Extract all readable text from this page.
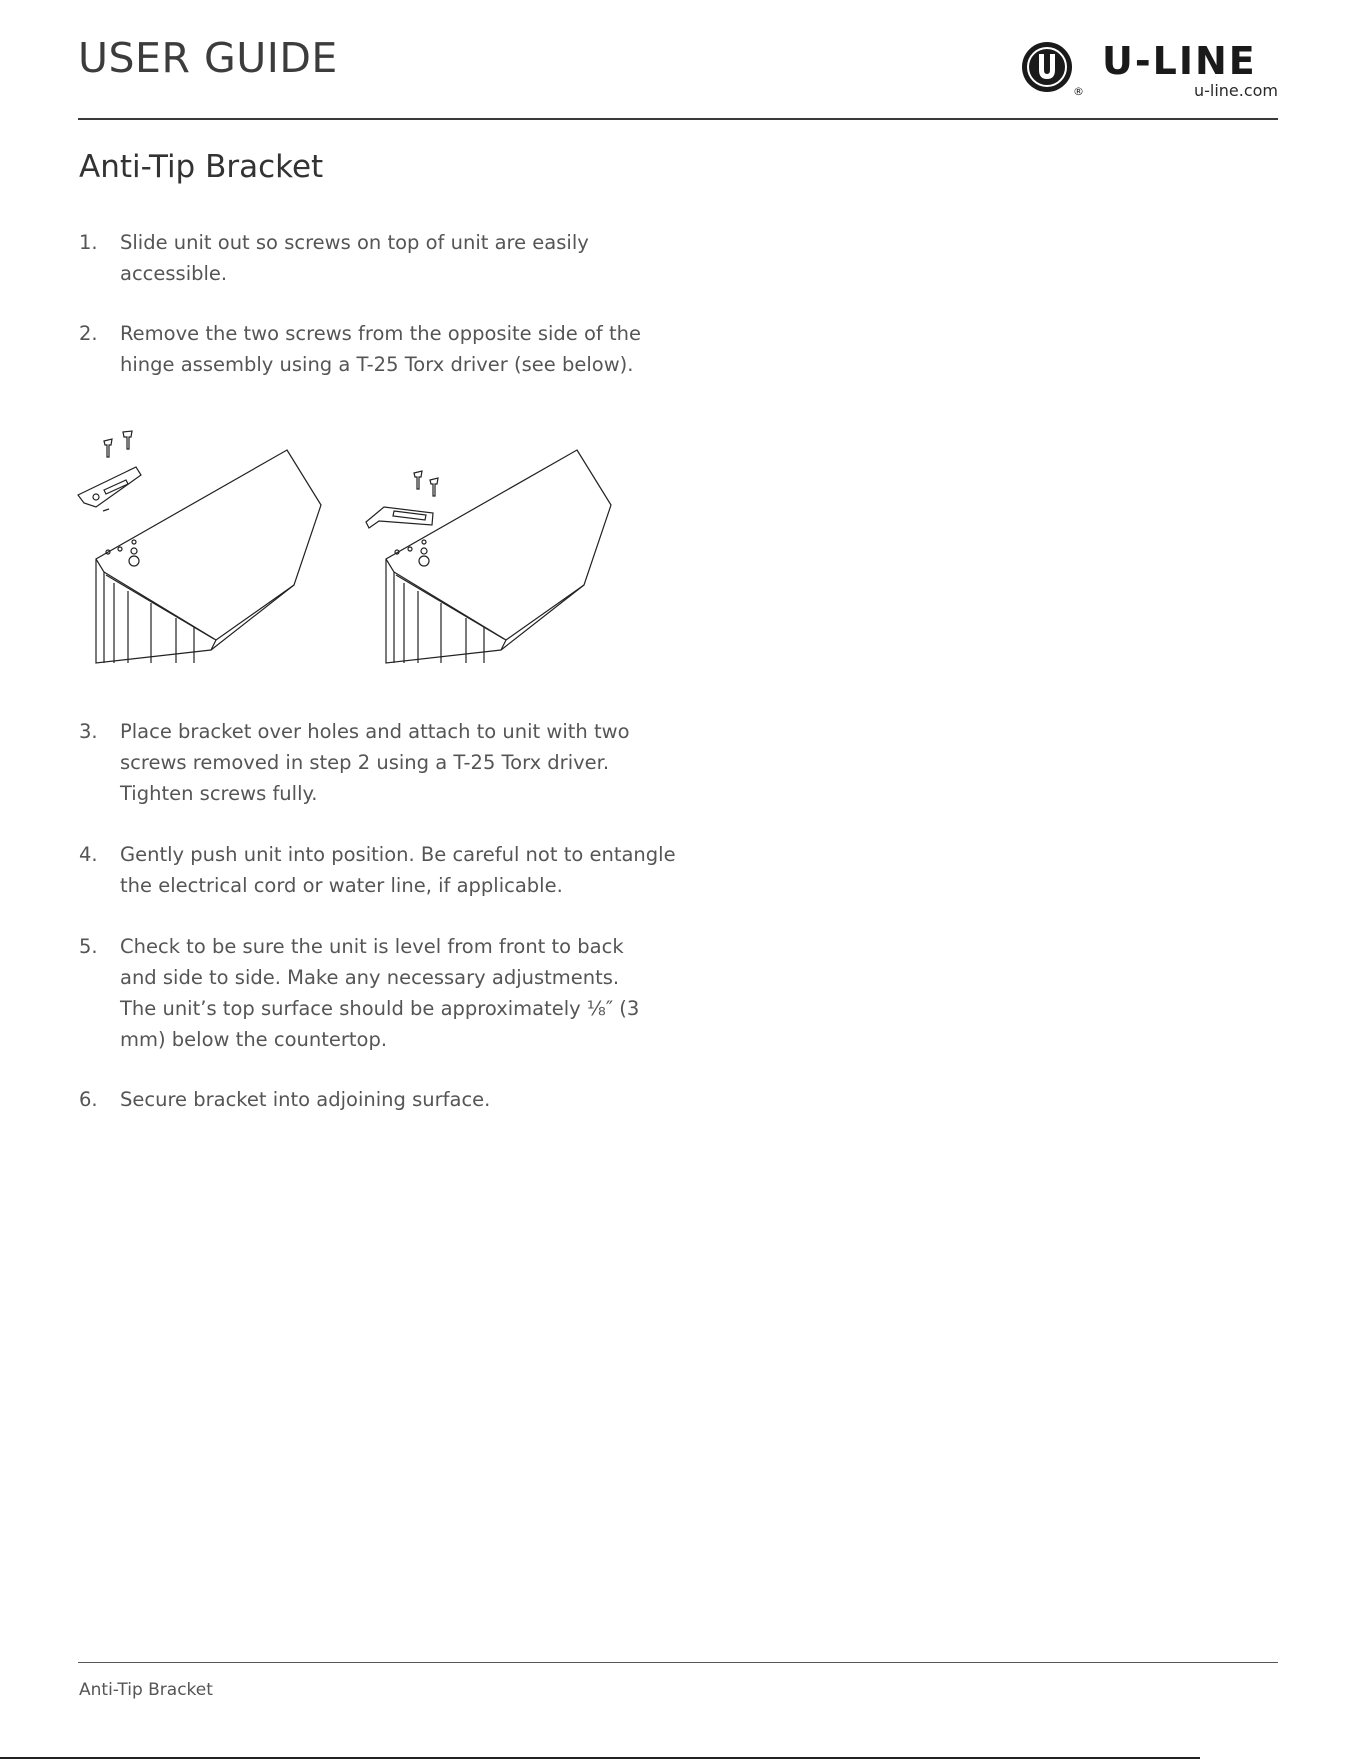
USER GUIDE
®
U-LINE
u-line.com
Anti-Tip Bracket
1. Slide unit out so screws on top of unit are easily accessible.
2. Remove the two screws from the opposite side of the hinge assembly using a T-25 Torx driver (see below).
3. Place bracket over holes and attach to unit with two screws removed in step 2 using a T-25 Torx driver. Tighten screws fully.
4. Gently push unit into position. Be careful not to entangle the electrical cord or water line, if applicable.
5. Check to be sure the unit is level from front to back and side to side. Make any necessary adjustments. The unit’s top surface should be approximately ⅛″ (3 mm) below the countertop.
6. Secure bracket into adjoining surface.
Anti-Tip Bracket
